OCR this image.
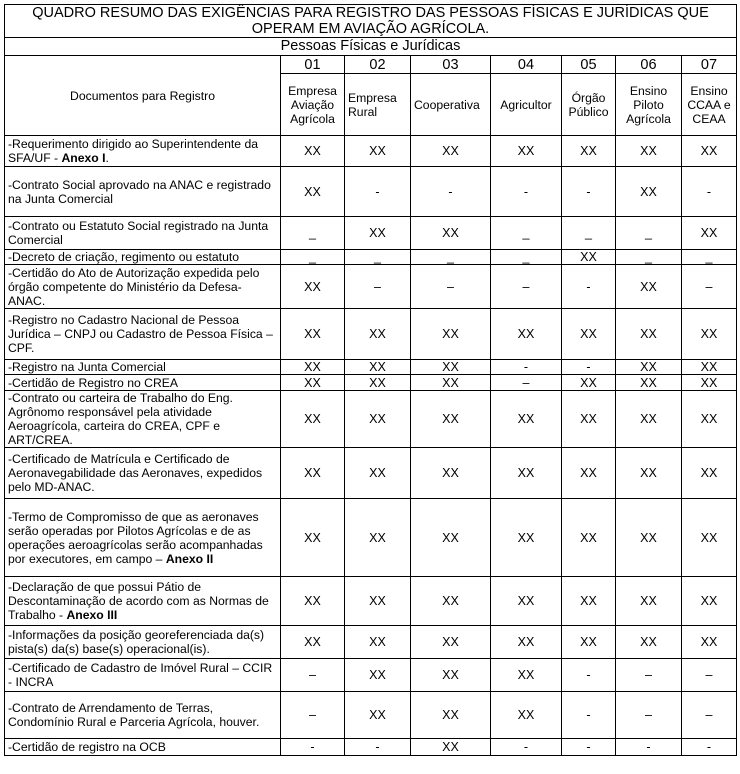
QUADRO RESUMO DAS EXIGÊNCIAS PARA REGISTRO DAS PESSOAS FÍSICAS E JURÍDICAS QUE OPERAM EM AVIAÇÃO AGRÍCOLA.							
Pessoas Físicas e Jurídicas							
Documentos para Registro	01	02	03	04	05	06	07
	Empresa Aviação Agrícola	Empresa Rural	Cooperativa	Agricultor	Órgão Público	Ensino Piloto Agrícola	Ensino CCAA e CEAA
-Requerimento dirigido ao Superintendente da SFA/UF - Anexo I.	XX	XX	XX	XX	XX	XX	XX
-Contrato Social aprovado na ANAC e registrado na Junta Comercial	XX	-	-	-	-	XX	-
-Contrato ou Estatuto Social registrado na Junta Comercial	_	XX	XX	_	_	_	XX
-Decreto de criação, regimento ou estatuto	_	_	_	_	XX	_	_
-Certidão do Ato de Autorização expedida pelo órgão competente do Ministério da Defesa-ANAC.	XX	–	–	–	-	XX	–
-Registro no Cadastro Nacional de Pessoa Jurídica – CNPJ ou Cadastro de Pessoa Física – CPF.	XX	XX	XX	XX	XX	XX	XX
-Registro na Junta Comercial	XX	XX	XX	-	-	XX	XX
-Certidão de Registro no CREA	XX	XX	XX	–	XX	XX	XX
-Contrato ou carteira de Trabalho do Eng. Agrônomo responsável pela atividade Aeroagrícola, carteira do CREA, CPF e ART/CREA.	XX	XX	XX	XX	XX	XX	XX
-Certificado de Matrícula e Certificado de Aeronavegabilidade das Aeronaves, expedidos pelo MD-ANAC.	XX	XX	XX	XX	XX	XX	XX
-Termo de Compromisso de que as aeronaves serão operadas por Pilotos Agrícolas e de as operações aeroagrícolas serão acompanhadas por executores, em campo – Anexo II	XX	XX	XX	XX	XX	XX	XX
-Declaração de que possui Pátio de Descontaminação de acordo com as Normas de Trabalho - Anexo III	XX	XX	XX	XX	XX	XX	XX
-Informações da posição georeferenciada da(s) pista(s) da(s) base(s) operacional(is).	XX	XX	XX	XX	XX	XX	XX
-Certificado de Cadastro de Imóvel Rural – CCIR - INCRA	–	XX	XX	XX	-	–	–
-Contrato de Arrendamento de Terras, Condomínio Rural e Parceria Agrícola, houver.	–	XX	XX	XX	-	–	–
-Certidão de registro na OCB	-	-	XX	-	-	-	-
